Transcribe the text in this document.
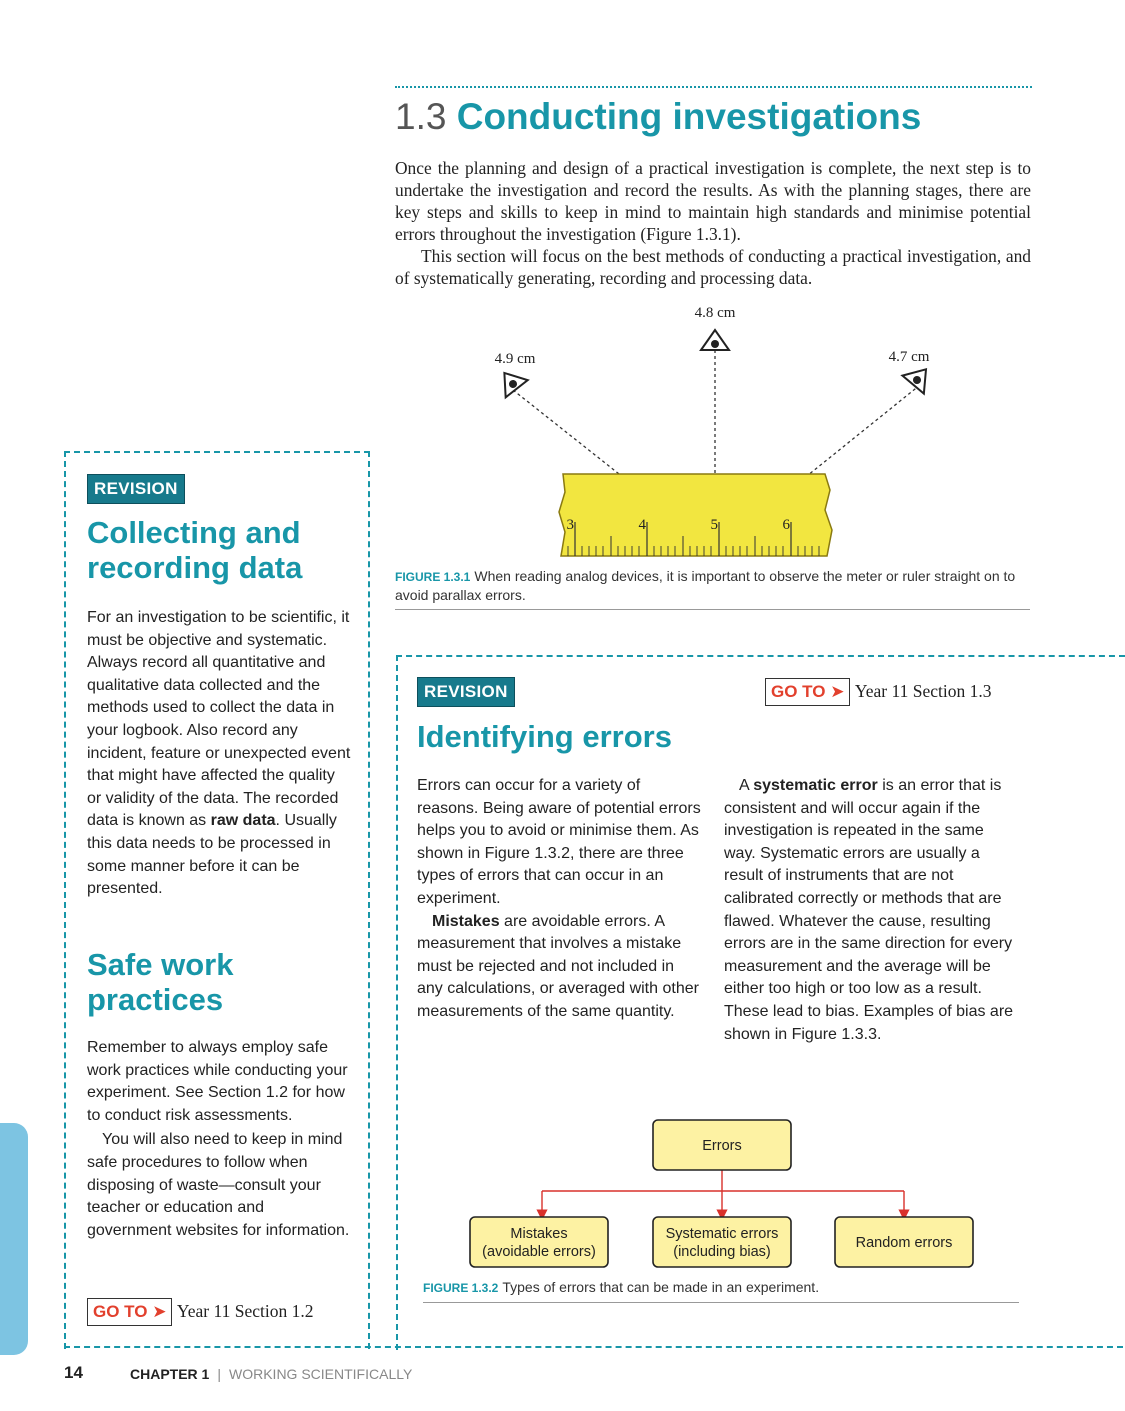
1.3 Conducting investigations

Once the planning and design of a practical investigation is complete, the next step is to undertake the investigation and record the results. As with the planning stages, there are key steps and skills to keep in mind to maintain high standards and minimise potential errors throughout the investigation (Figure 1.3.1).

This section will focus on the best methods of conducting a practical investigation, and of systematically generating, recording and processing data.

3	4	5	6
4.8 cm
4.9 cm	4.7 cm
FIGURE 1.3.1 When reading analog devices, it is important to observe the meter or ruler straight on to avoid parallax errors.
REVISION
Collecting and recording data

For an investigation to be scientific, it must be objective and systematic. Always record all quantitative and qualitative data collected and the methods used to collect the data in your logbook. Also record any incident, feature or unexpected event that might have affected the quality or validity of the data. The recorded data is known as raw data. Usually this data needs to be processed in some manner before it can be presented.

Safe work practices

Remember to always employ safe work practices while conducting your experiment. See Section 1.2 for how to conduct risk assessments.

You will also need to keep in mind safe procedures to follow when disposing of waste—consult your teacher or education and government websites for information.

GO TO ➤ Year 11 Section 1.2
REVISION	GO TO ➤ Year 11 Section 1.3
Identifying errors

Errors can occur for a variety of reasons. Being aware of potential errors helps you to avoid or minimise them. As shown in Figure 1.3.2, there are three types of errors that can occur in an experiment.

Mistakes are avoidable errors. A measurement that involves a mistake must be rejected and not included in any calculations, or averaged with other measurements of the same quantity.

A systematic error is an error that is consistent and will occur again if the investigation is repeated in the same way. Systematic errors are usually a result of instruments that are not calibrated correctly or methods that are flawed. Whatever the cause, resulting errors are in the same direction for every measurement and the average will be either too high or too low as a result. These lead to bias. Examples of bias are shown in Figure 1.3.3.

Errors
Mistakes
(avoidable errors)
Systematic errors
(including bias)
Random errors
FIGURE 1.3.2 Types of errors that can be made in an experiment.
14	CHAPTER 1 | WORKING SCIENTIFICALLY
